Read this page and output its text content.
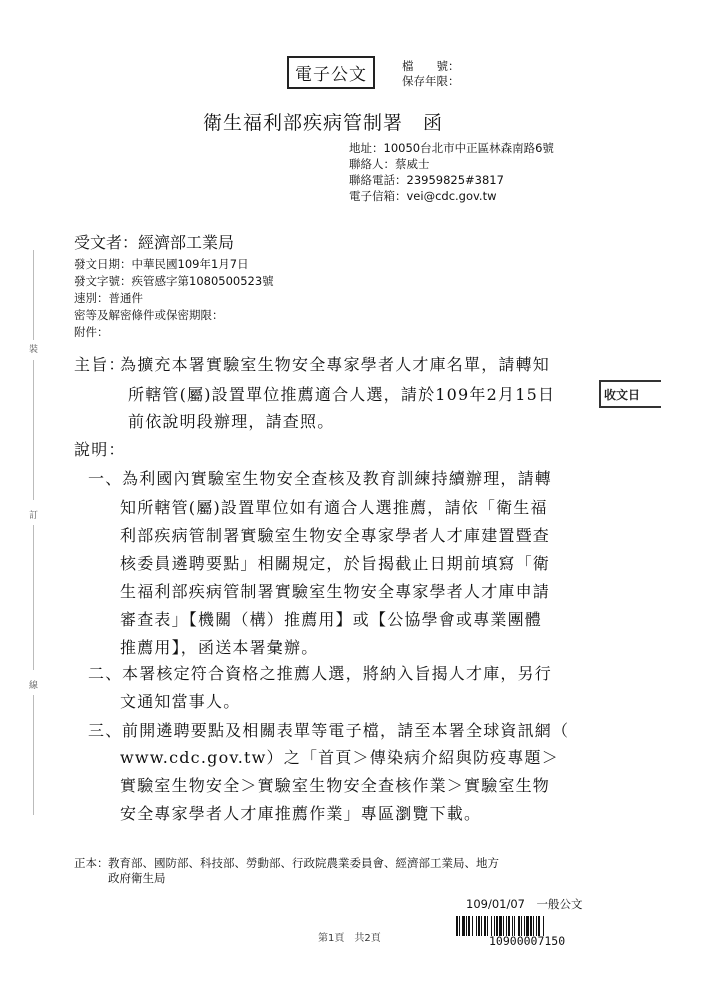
電子公文	檔　　號：
保存年限：
衛生福利部疾病管制署　函
地址：10050台北市中正區林森南路6號
聯絡人：蔡威士
聯絡電話：23959825#3817
電子信箱：vei@cdc.gov.tw
受文者：經濟部工業局
發文日期：中華民國109年1月7日
發文字號：疾管感字第1080500523號
速別：普通件
密等及解密條件或保密期限：
附件：
裝
訂
線
主旨：
為擴充本署實驗室生物安全專家學者人才庫名單，請轉知
所轄管(屬)設置單位推薦適合人選，請於109年2月15日
前依說明段辦理，請查照。
收文日
說明：
一、 為利國內實驗室生物安全查核及教育訓練持續辦理，請轉
知所轄管(屬)設置單位如有適合人選推薦，請依「衛生福
利部疾病管制署實驗室生物安全專家學者人才庫建置暨查
核委員遴聘要點」相關規定，於旨揭截止日期前填寫「衛
生福利部疾病管制署實驗室生物安全專家學者人才庫申請
審查表」【機關（構）推薦用】或【公協學會或專業團體
推薦用】，函送本署彙辦。
二、 本署核定符合資格之推薦人選，將納入旨揭人才庫，另行
文通知當事人。
三、 前開遴聘要點及相關表單等電子檔，請至本署全球資訊網（
www.cdc.gov.tw）之「首頁＞傳染病介紹與防疫專題＞
實驗室生物安全＞實驗室生物安全查核作業＞實驗室生物
安全專家學者人才庫推薦作業」專區瀏覽下載。
正本： 教育部、國防部、科技部、勞動部、行政院農業委員會、經濟部工業局、地方
政府衛生局
109/01/07　一般公文
第1頁　共2頁	10900007150
